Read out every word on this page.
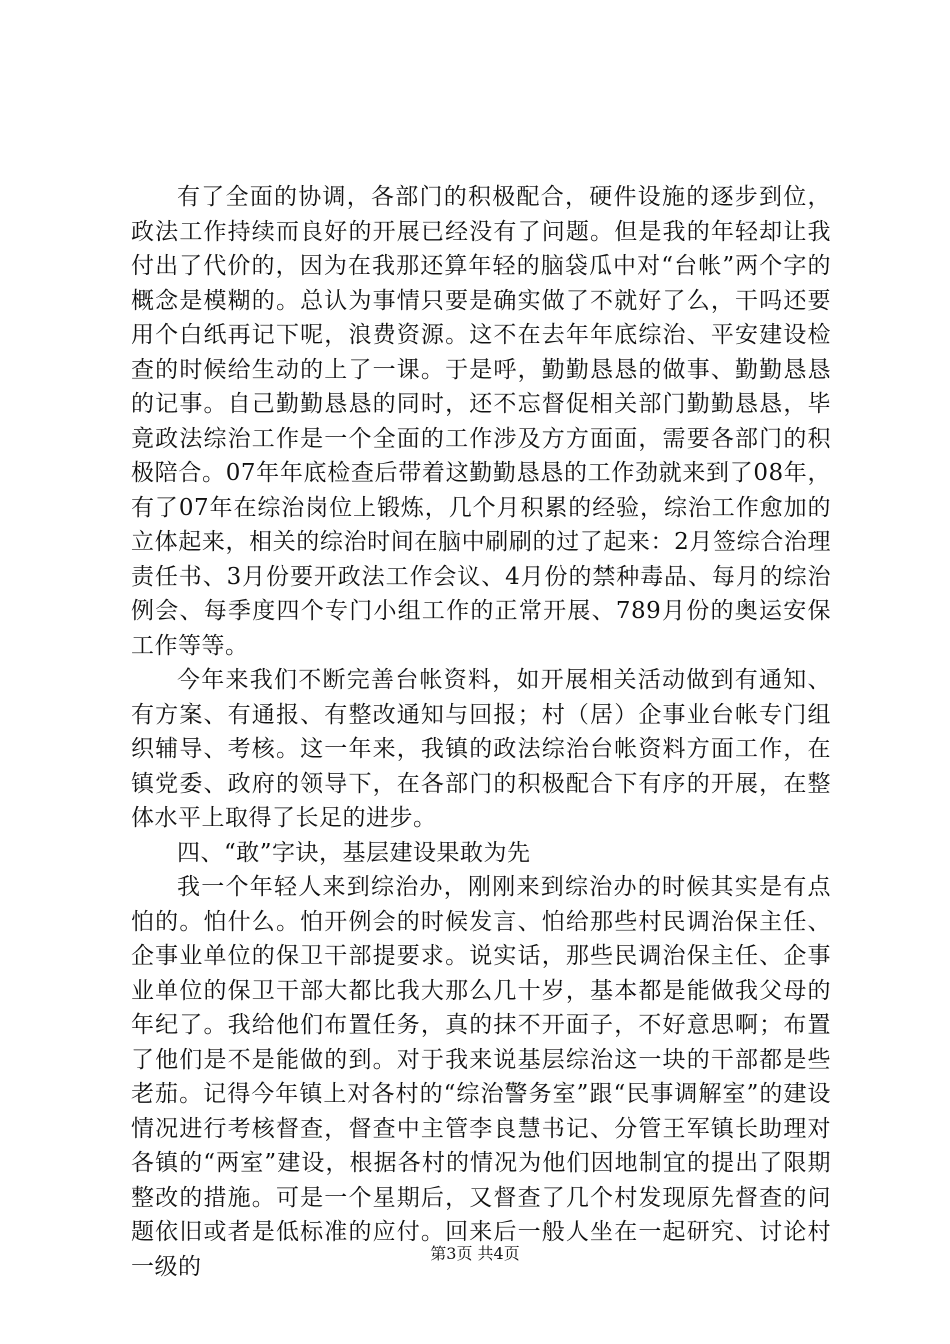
有了全面的协调，各部门的积极配合，硬件设施的逐步到位，政法工作持续而良好的开展已经没有了问题。但是我的年轻却让我付出了代价的，因为在我那还算年轻的脑袋瓜中对“台帐”两个字的概念是模糊的。总认为事情只要是确实做了不就好了么，干吗还要用个白纸再记下呢，浪费资源。这不在去年年底综治、平安建设检查的时候给生动的上了一课。于是呼，勤勤恳恳的做事、勤勤恳恳的记事。自己勤勤恳恳的同时，还不忘督促相关部门勤勤恳恳，毕竟政法综治工作是一个全面的工作涉及方方面面，需要各部门的积极陪合。07年年底检查后带着这勤勤恳恳的工作劲就来到了08年，有了07年在综治岗位上锻炼，几个月积累的经验，综治工作愈加的立体起来，相关的综治时间在脑中刷刷的过了起来：2月签综合治理责任书、3月份要开政法工作会议、4月份的禁种毒品、每月的综治例会、每季度四个专门小组工作的正常开展、789月份的奥运安保工作等等。

今年来我们不断完善台帐资料，如开展相关活动做到有通知、有方案、有通报、有整改通知与回报；村（居）企事业台帐专门组织辅导、考核。这一年来，我镇的政法综治台帐资料方面工作，在镇党委、政府的领导下，在各部门的积极配合下有序的开展，在整体水平上取得了长足的进步。

四、“敢”字诀，基层建设果敢为先

我一个年轻人来到综治办，刚刚来到综治办的时候其实是有点怕的。怕什么。怕开例会的时候发言、怕给那些村民调治保主任、企事业单位的保卫干部提要求。说实话，那些民调治保主任、企事业单位的保卫干部大都比我大那么几十岁，基本都是能做我父母的年纪了。我给他们布置任务，真的抹不开面子，不好意思啊；布置了他们是不是能做的到。对于我来说基层综治这一块的干部都是些老茄。记得今年镇上对各村的“综治警务室”跟“民事调解室”的建设情况进行考核督查，督查中主管李良慧书记、分管王军镇长助理对各镇的“两室”建设，根据各村的情况为他们因地制宜的提出了限期整改的措施。可是一个星期后，又督查了几个村发现原先督查的问题依旧或者是低标准的应付。回来后一般人坐在一起研究、讨论村一级的	第3页 共4页
